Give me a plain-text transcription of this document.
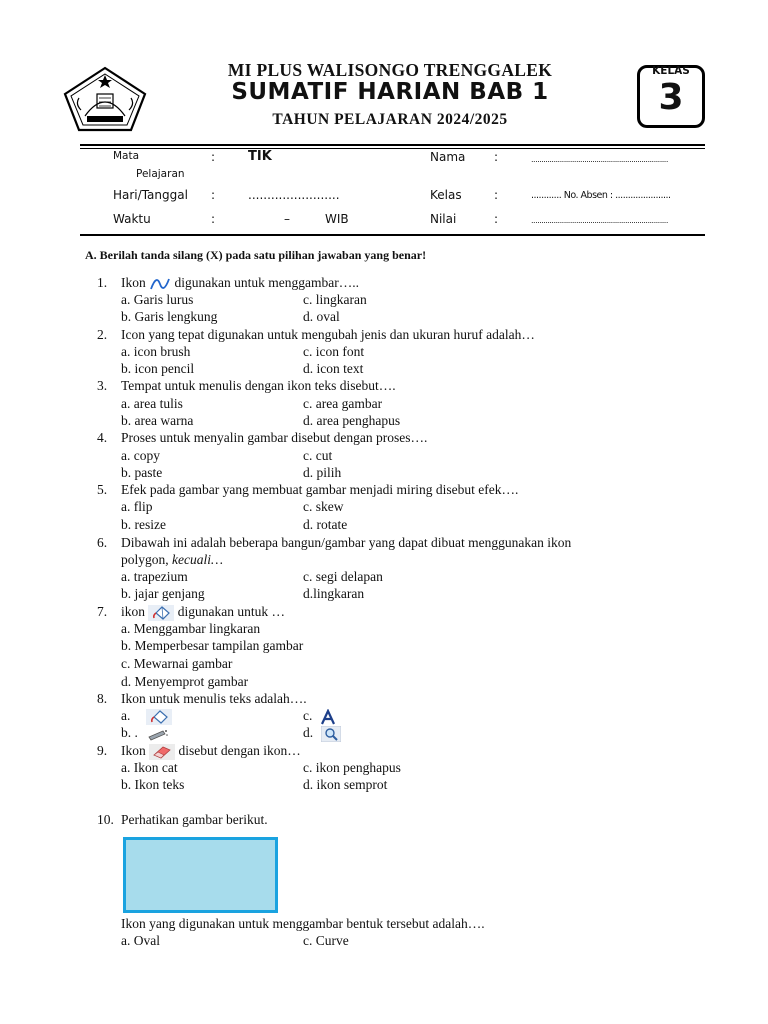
MI PLUS WALISONGO TRENGGALEK
SUMATIF HARIAN BAB 1
TAHUN PELAJARAN 2024/2025
KELAS
3
Mata
Pelajaran
:	TIK
Hari/Tanggal :	........................
Waktu	:	–	WIB
Nama :	...................................................................
Kelas	:	............ No. Absen : ......................
Nilai	:	...................................................................
A. Berilah tanda silang (X) pada satu pilihan jawaban yang benar!
1. Ikon  digunakan untuk menggambar…..
a. Garis lurus	c. lingkaran
b. Garis lengkung	d. oval
2. Icon yang tepat digunakan untuk mengubah jenis dan ukuran huruf adalah…
a. icon brush	c. icon font
b. icon pencil	d. icon text
3. Tempat untuk menulis dengan ikon teks disebut….
a. area tulis	c. area gambar
b. area warna	d. area penghapus
4. Proses untuk menyalin gambar disebut dengan proses….
a. copy	c. cut
b. paste	d. pilih
5. Efek pada gambar yang membuat gambar menjadi miring disebut efek….
a. flip	c. skew
b. resize	d. rotate
6. Dibawah ini adalah beberapa bangun/gambar yang dapat dibuat menggunakan ikon
polygon, kecuali…
a. trapezium	c. segi delapan
b. jajar genjang	d.lingkaran
7. ikon  digunakan untuk …
a. Menggambar lingkaran
b. Memperbesar tampilan gambar
c. Mewarnai gambar
d. Menyemprot gambar
8. Ikon untuk menulis teks adalah….
a.	c.
b. .	d.
9. Ikon  disebut dengan ikon…
a. Ikon cat	c. ikon penghapus
b. Ikon teks	d. ikon semprot
10. Perhatikan gambar berikut.
Ikon yang digunakan untuk menggambar bentuk tersebut adalah….
a. Oval	c. Curve
